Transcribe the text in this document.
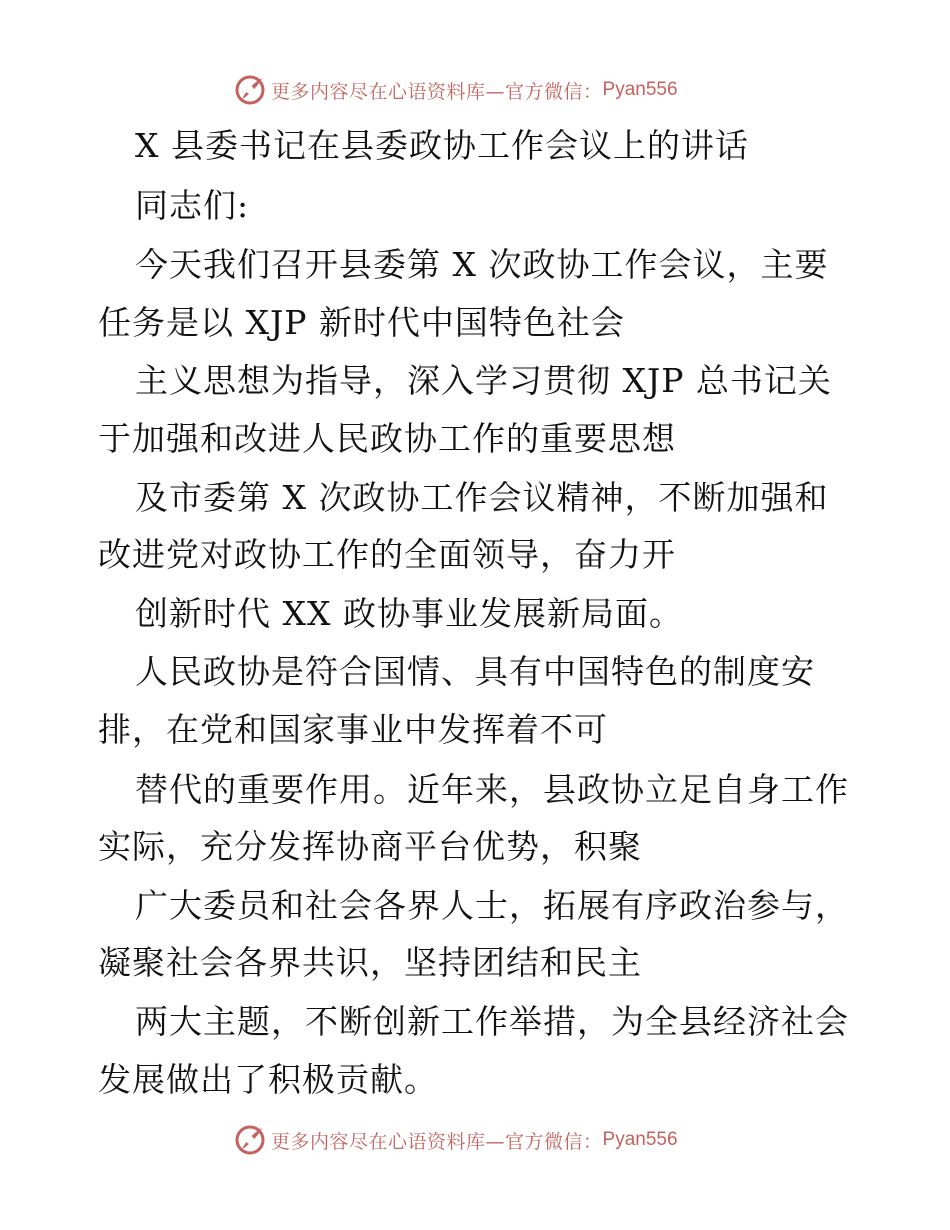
更多内容尽在心语资料库—官方微信： Pyan556
X 县委书记在县委政协工作会议上的讲话
同志们:
今天我们召开县委第 X 次政协工作会议，主要
任务是以 XJP 新时代中国特色社会
主义思想为指导，深入学习贯彻 XJP 总书记关
于加强和改进人民政协工作的重要思想
及市委第 X 次政协工作会议精神，不断加强和
改进党对政协工作的全面领导，奋力开
创新时代 XX 政协事业发展新局面。
人民政协是符合国情、具有中国特色的制度安
排，在党和国家事业中发挥着不可
替代的重要作用。近年来，县政协立足自身工作
实际，充分发挥协商平台优势，积聚
广大委员和社会各界人士，拓展有序政治参与，
凝聚社会各界共识，坚持团结和民主
两大主题，不断创新工作举措，为全县经济社会
发展做出了积极贡献。
更多内容尽在心语资料库—官方微信： Pyan556
